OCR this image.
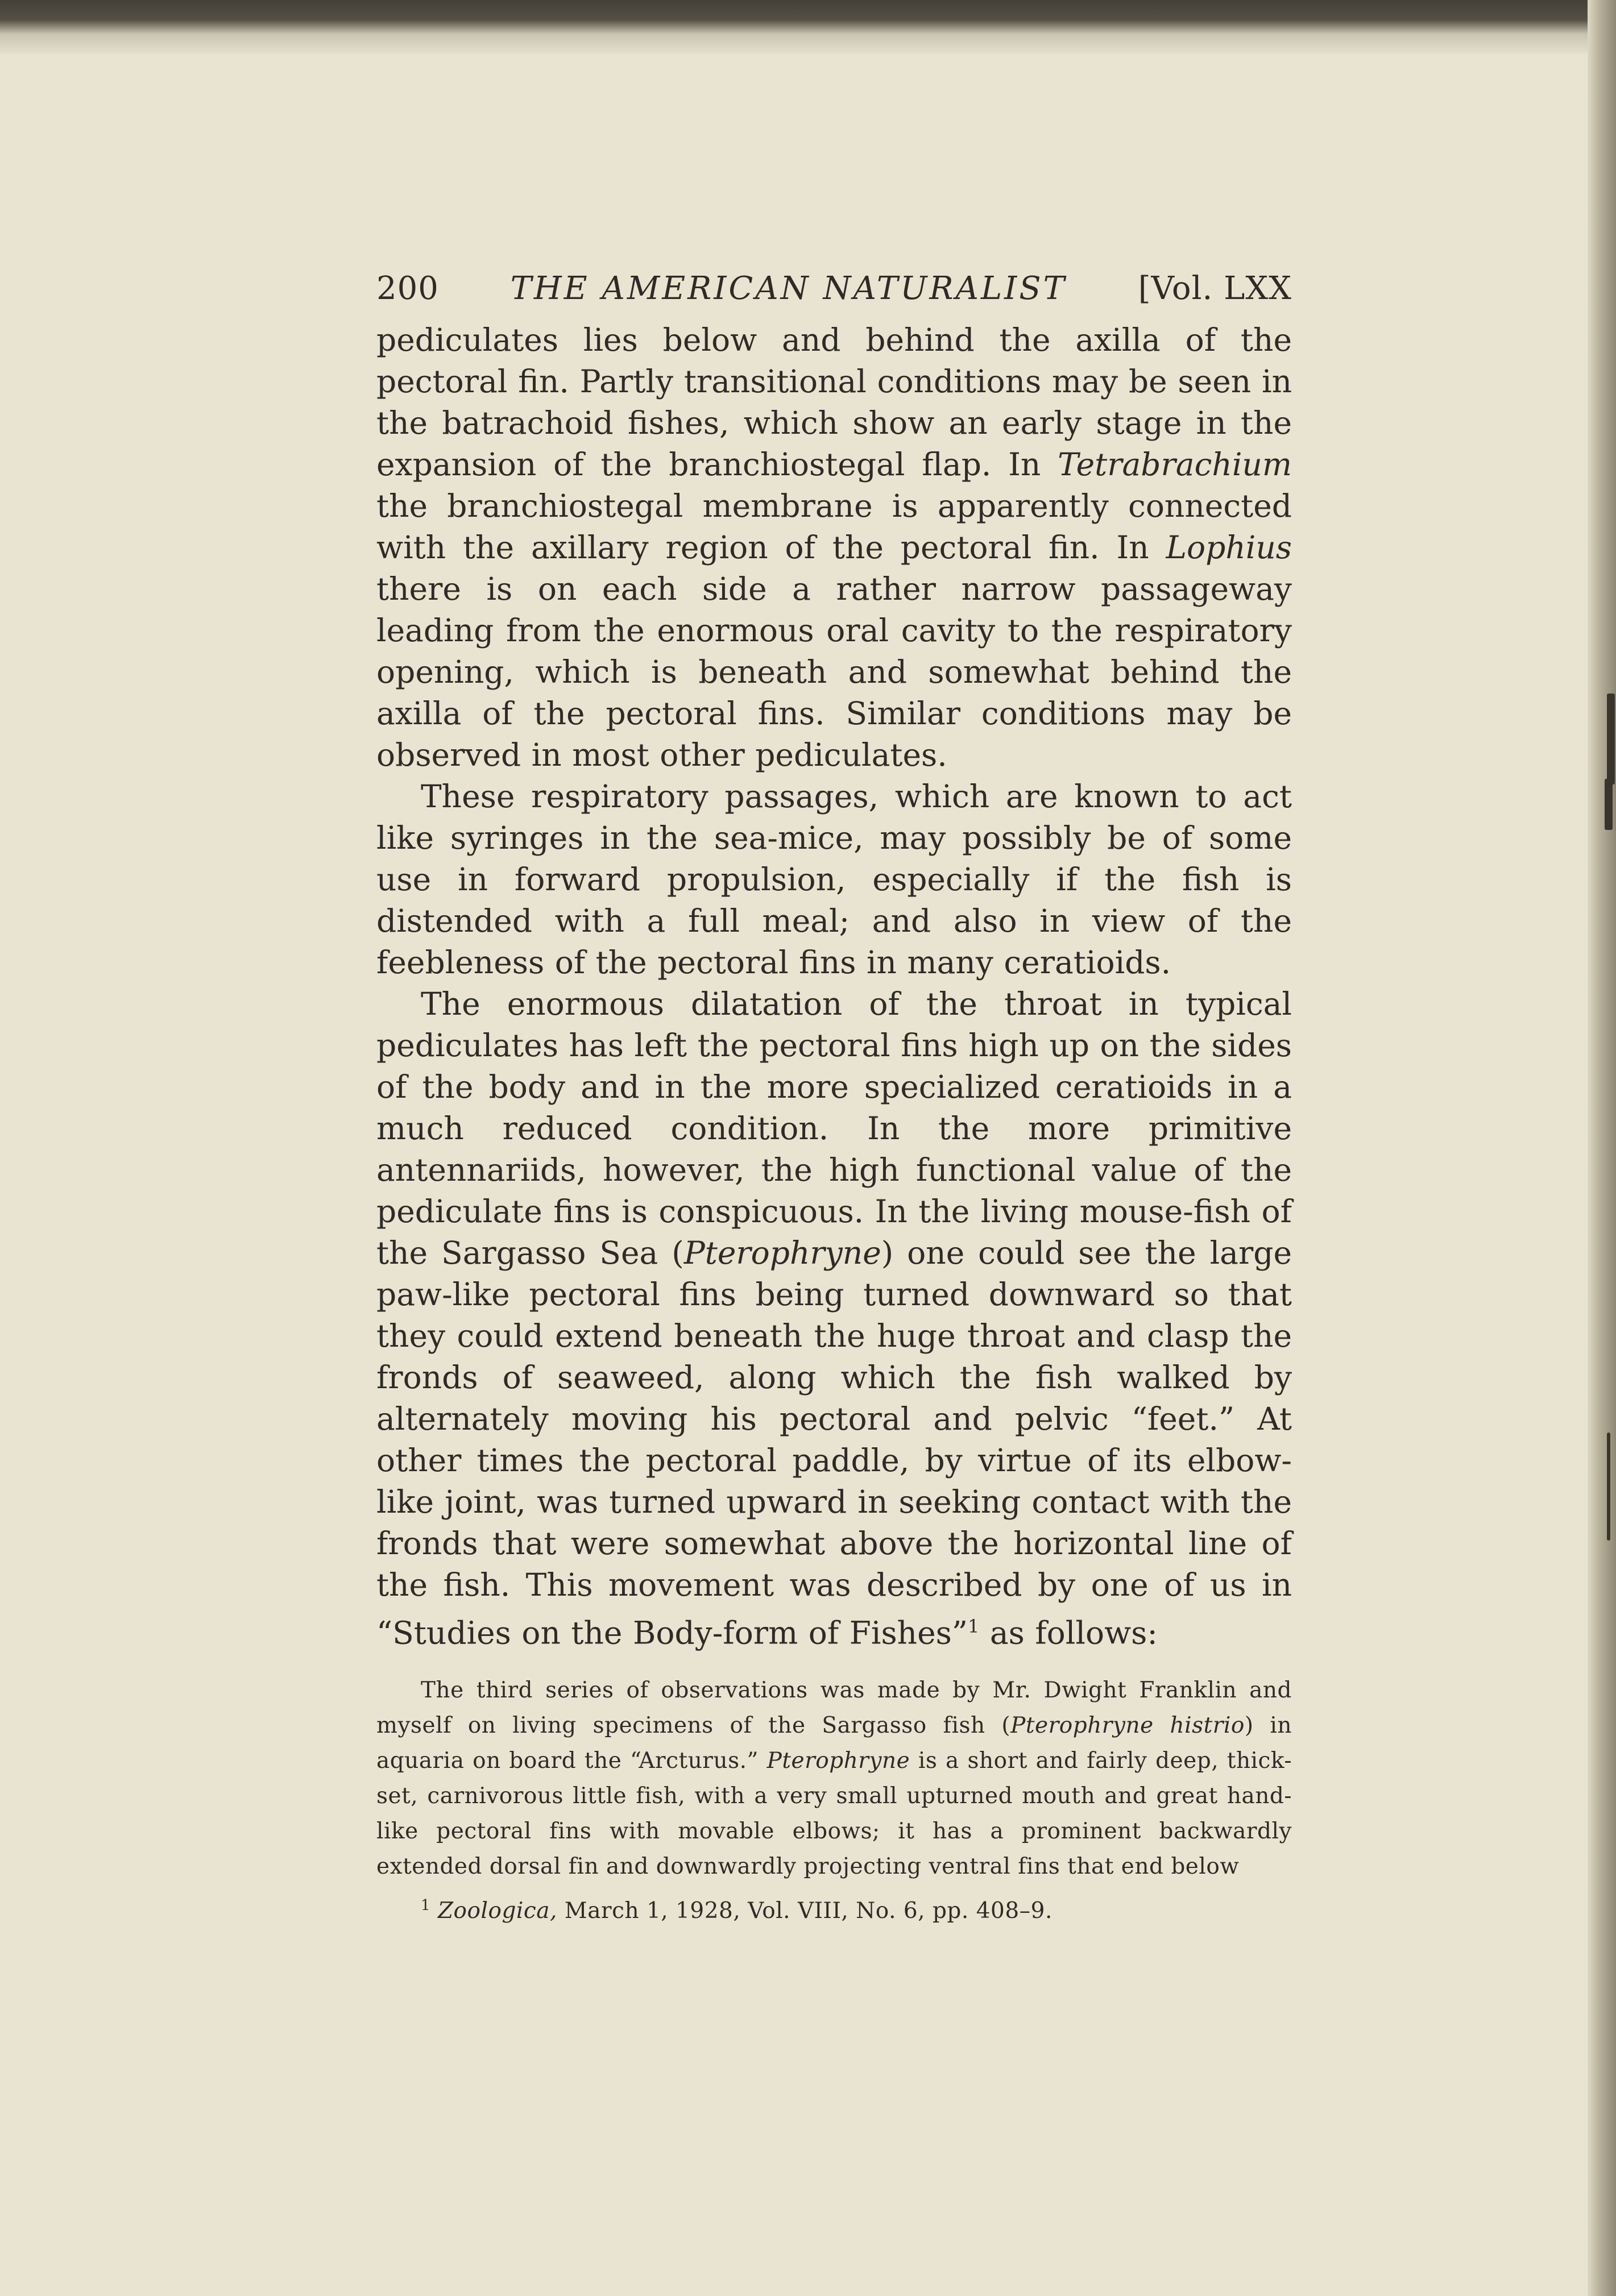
200 THE AMERICAN NATURALIST [Vol. LXX

pediculates lies below and behind the axilla of the pectoral fin. Partly transitional conditions may be seen in the batrachoid fishes, which show an early stage in the expansion of the branchiostegal flap. In Tetrabrachium the branchiostegal membrane is apparently connected with the axillary region of the pectoral fin. In Lophius there is on each side a rather narrow passageway leading from the enormous oral cavity to the respiratory opening, which is beneath and somewhat behind the axilla of the pectoral fins. Similar conditions may be observed in most other pediculates.

These respiratory passages, which are known to act like syringes in the sea-mice, may possibly be of some use in forward propulsion, especially if the fish is distended with a full meal; and also in view of the feebleness of the pectoral fins in many ceratioids.

The enormous dilatation of the throat in typical pediculates has left the pectoral fins high up on the sides of the body and in the more specialized ceratioids in a much reduced condition. In the more primitive antennariids, however, the high functional value of the pediculate fins is conspicuous. In the living mouse-fish of the Sargasso Sea (Pterophryne) one could see the large paw-like pectoral fins being turned downward so that they could extend beneath the huge throat and clasp the fronds of seaweed, along which the fish walked by alternately moving his pectoral and pelvic “feet.” At other times the pectoral paddle, by virtue of its elbow-like joint, was turned upward in seeking contact with the fronds that were somewhat above the horizontal line of the fish. This movement was described by one of us in “Studies on the Body-form of Fishes”$^1$ as follows:

The third series of observations was made by Mr. Dwight Franklin and myself on living specimens of the Sargasso fish (Pterophryne histrio) in aquaria on board the “Arcturus.” Pterophryne is a short and fairly deep, thick-set, carnivorous little fish, with a very small upturned mouth and great hand-like pectoral fins with movable elbows; it has a prominent backwardly extended dorsal fin and downwardly projecting ventral fins that end below
$^1$ Zoologica, March 1, 1928, Vol. VIII, No. 6, pp. 408–9.
